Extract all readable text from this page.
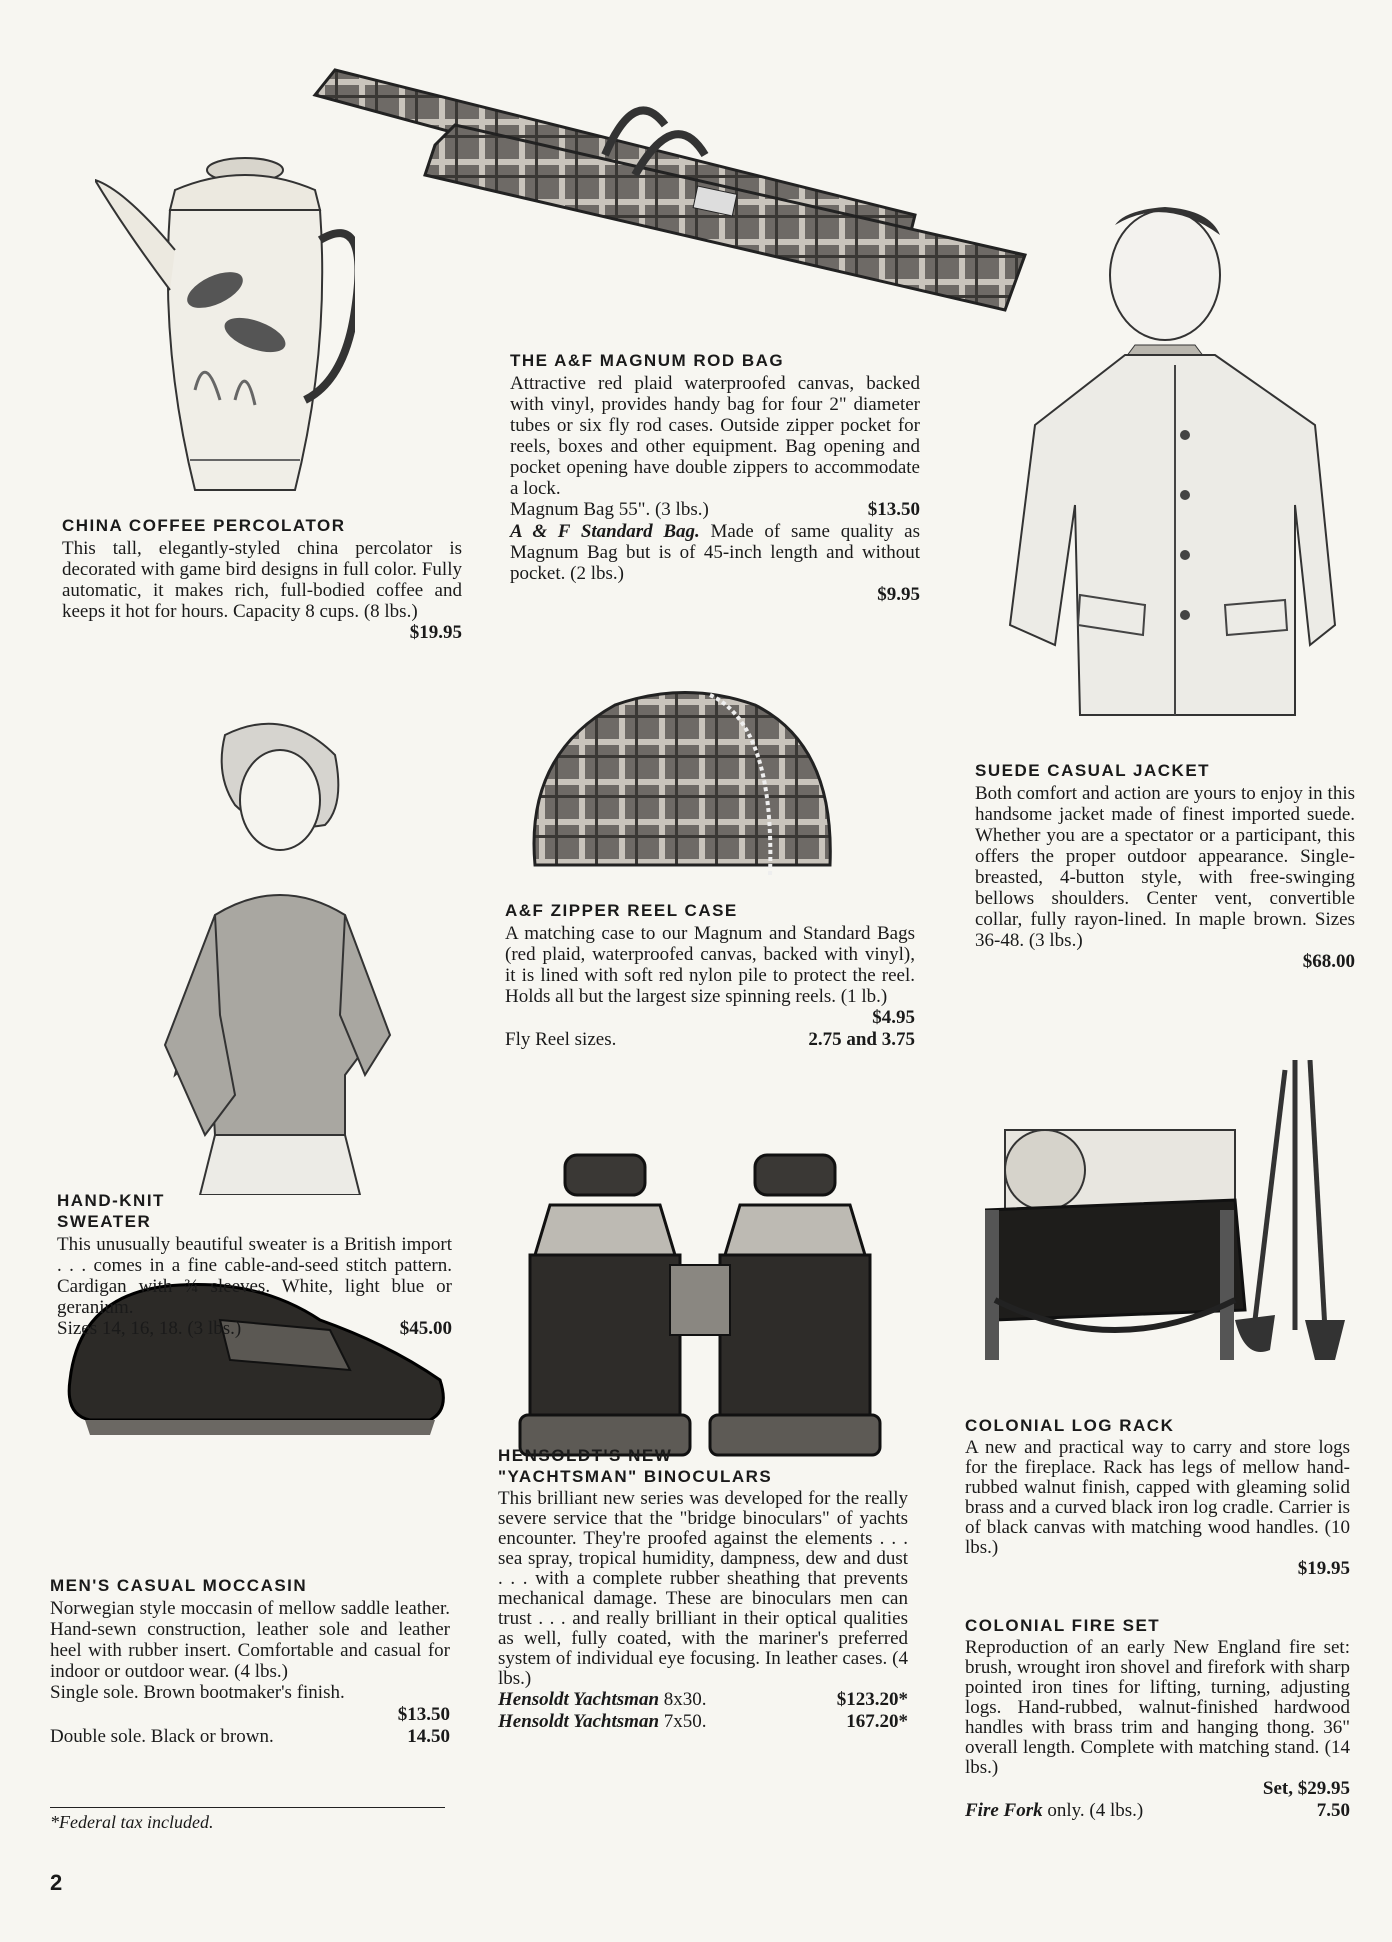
CHINA COFFEE PERCOLATOR

This tall, elegantly-styled china percolator is decorated with game bird designs in full color. Fully automatic, it makes rich, full-bodied coffee and keeps it hot for hours. Capacity 8 cups. (8 lbs.)

$19.95
THE A&F MAGNUM ROD BAG

Attractive red plaid waterproofed canvas, backed with vinyl, provides handy bag for four 2" diameter tubes or six fly rod cases. Outside zipper pocket for reels, boxes and other equipment. Bag opening and pocket opening have double zippers to accommodate a lock.

Magnum Bag 55". (3 lbs.)	$13.50

A & F Standard Bag. Made of same quality as Magnum Bag but is of 45-inch length and without pocket. (2 lbs.)

$9.95
SUEDE CASUAL JACKET

Both comfort and action are yours to enjoy in this handsome jacket made of finest imported suede. Whether you are a spectator or a participant, this offers the proper outdoor appearance. Single-breasted, 4-button style, with free-swinging bellows shoulders. Center vent, convertible collar, fully rayon-lined. In maple brown. Sizes 36-48. (3 lbs.)

$68.00
A&F ZIPPER REEL CASE

A matching case to our Magnum and Standard Bags (red plaid, waterproofed canvas, backed with vinyl), it is lined with soft red nylon pile to protect the reel. Holds all but the largest size spinning reels. (1 lb.)

$4.95
Fly Reel sizes.	2.75 and 3.75
HAND-KNIT
SWEATER

This unusually beautiful sweater is a British import . . . comes in a fine cable-and-seed stitch pattern. Cardigan with ¾ sleeves. White, light blue or geranium.

Sizes 14, 16, 18. (3 lbs.)	$45.00
HENSOLDT'S NEW
"YACHTSMAN" BINOCULARS

This brilliant new series was developed for the really severe service that the "bridge binoculars" of yachts encounter. They're proofed against the elements . . . sea spray, tropical humidity, dampness, dew and dust . . . with a complete rubber sheathing that prevents mechanical damage. These are binoculars men can trust . . . and really brilliant in their optical qualities as well, fully coated, with the mariner's preferred system of individual eye focusing. In leather cases. (4 lbs.)

Hensoldt Yachtsman 8x30.	$123.20*
Hensoldt Yachtsman 7x50.	167.20*
MEN'S CASUAL MOCCASIN

Norwegian style moccasin of mellow saddle leather. Hand-sewn construction, leather sole and leather heel with rubber insert. Comfortable and casual for indoor or outdoor wear. (4 lbs.)

Single sole. Brown bootmaker's finish.
$13.50
Double sole. Black or brown.	14.50
COLONIAL LOG RACK

A new and practical way to carry and store logs for the fireplace. Rack has legs of mellow hand-rubbed walnut finish, capped with gleaming solid brass and a curved black iron log cradle. Carrier is of black canvas with matching wood handles. (10 lbs.)

$19.95
COLONIAL FIRE SET

Reproduction of an early New England fire set: brush, wrought iron shovel and firefork with sharp pointed iron tines for lifting, turning, adjusting logs. Hand-rubbed, walnut-finished hardwood handles with brass trim and hanging thong. 36" overall length. Complete with matching stand. (14 lbs.)

Set, $29.95
Fire Fork only. (4 lbs.)	7.50
*Federal tax included.
2
